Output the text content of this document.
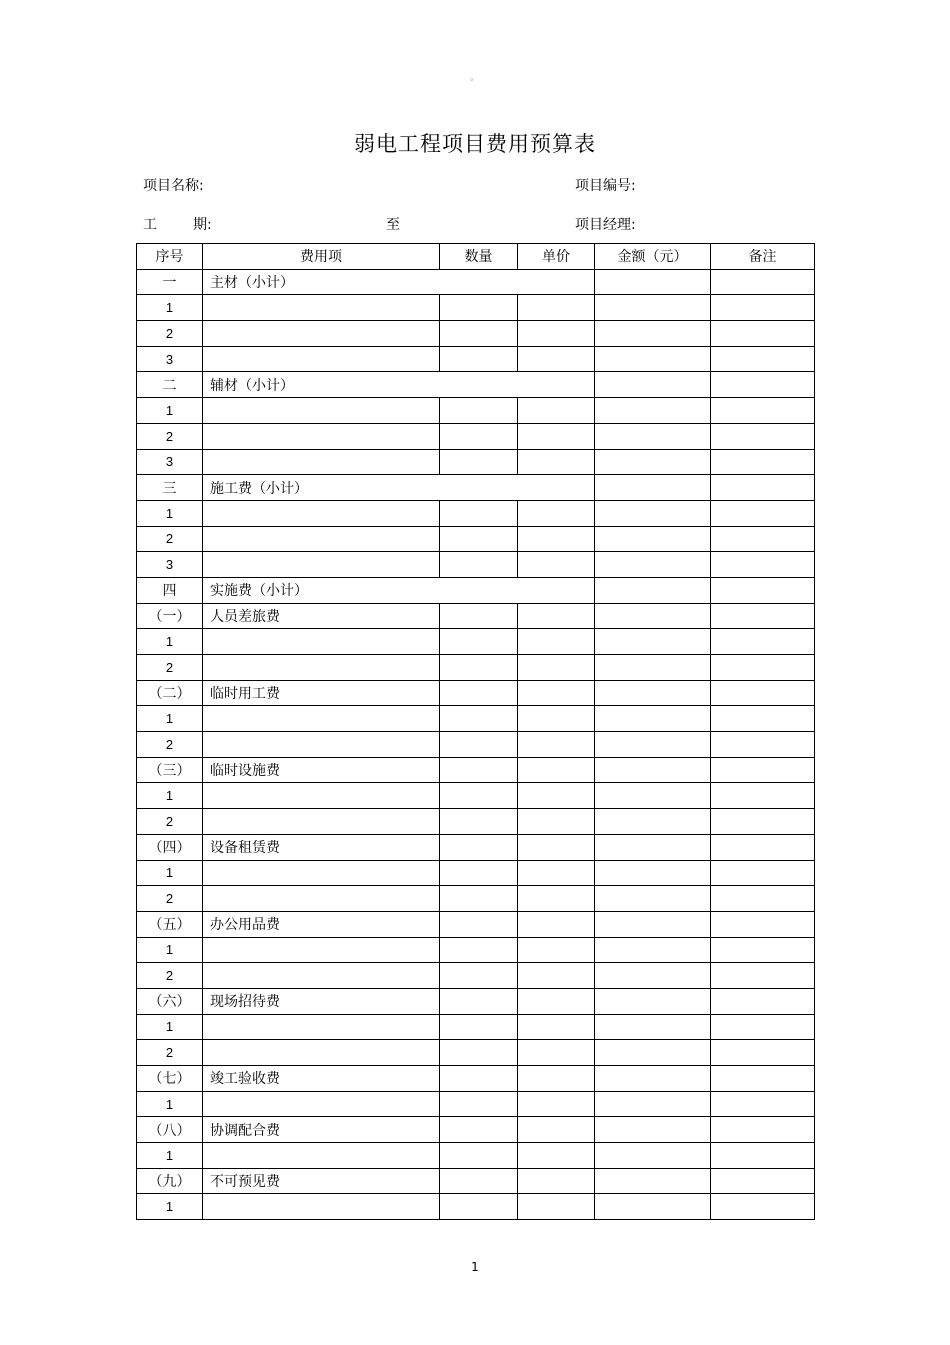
。
弱电工程项目费用预算表
项目名称:	项目编号:
工	期:	至	项目经理:
序号	费用项	数量	单价	金额（元）	备注
一	主材（小计）				
1					
2					
3					
二	辅材（小计）				
1					
2					
3					
三	施工费（小计）				
1					
2					
3					
四	实施费（小计）				
（一）	人员差旅费				
1					
2					
（二）	临时用工费				
1					
2					
（三）	临时设施费				
1					
2					
（四）	设备租赁费				
1					
2					
（五）	办公用品费				
1					
2					
（六）	现场招待费				
1					
2					
（七）	竣工验收费				
1					
（八）	协调配合费				
1					
（九）	不可预见费				
1					
1
